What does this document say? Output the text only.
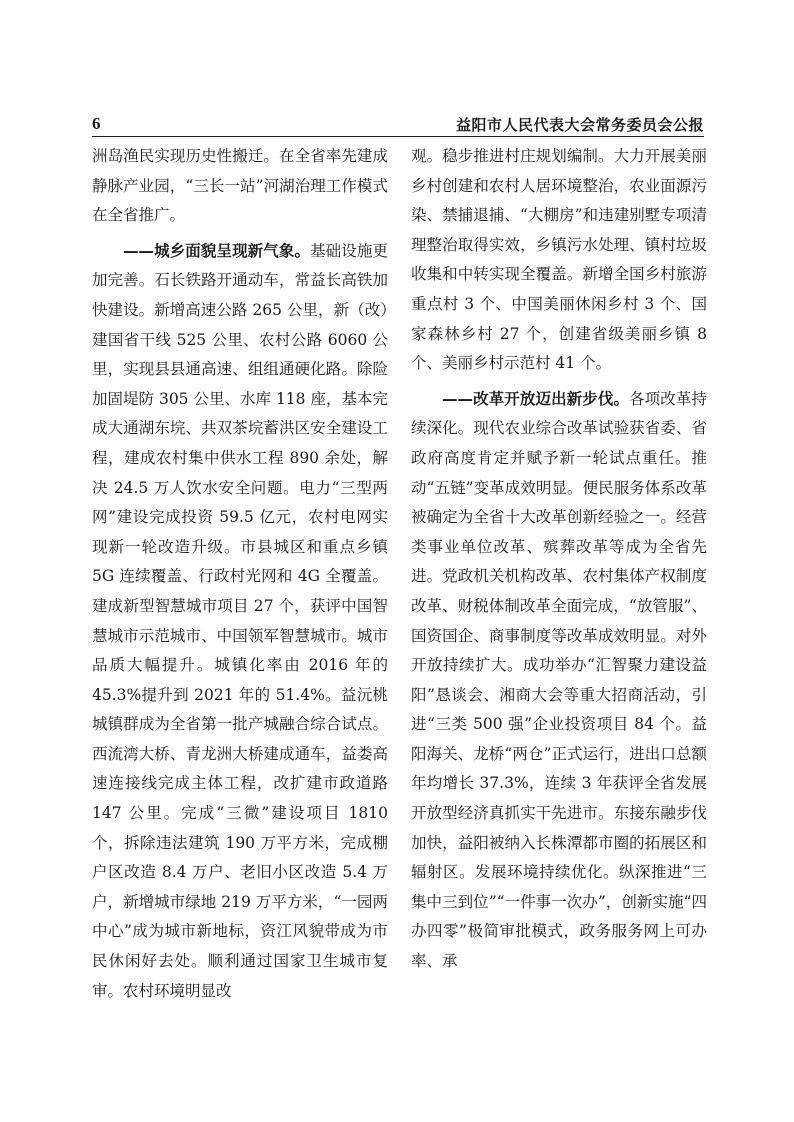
6	益阳市人民代表大会常务委员会公报

洲岛渔民实现历史性搬迁。在全省率先建成静脉产业园，“三长一站”河湖治理工作模式在全省推广。

——城乡面貌呈现新气象。基础设施更加完善。石长铁路开通动车，常益长高铁加快建设。新增高速公路 265 公里，新（改）建国省干线 525 公里、农村公路 6060 公里，实现县县通高速、组组通硬化路。除险加固堤防 305 公里、水库 118 座，基本完成大通湖东垸、共双茶垸蓄洪区安全建设工程，建成农村集中供水工程 890 余处，解决 24.5 万人饮水安全问题。电力“三型两网”建设完成投资 59.5 亿元，农村电网实现新一轮改造升级。市县城区和重点乡镇 5G 连续覆盖、行政村光网和 4G 全覆盖。建成新型智慧城市项目 27 个，获评中国智慧城市示范城市、中国领军智慧城市。城市品质大幅提升。城镇化率由 2016 年的 45.3%提升到 2021 年的 51.4%。益沅桃城镇群成为全省第一批产城融合综合试点。西流湾大桥、青龙洲大桥建成通车，益娄高速连接线完成主体工程，改扩建市政道路 147 公里。完成“三微”建设项目 1810 个，拆除违法建筑 190 万平方米，完成棚户区改造 8.4 万户、老旧小区改造 5.4 万户，新增城市绿地 219 万平方米，“一园两中心”成为城市新地标，资江风貌带成为市民休闲好去处。顺利通过国家卫生城市复审。农村环境明显改

观。稳步推进村庄规划编制。大力开展美丽乡村创建和农村人居环境整治，农业面源污染、禁捕退捕、“大棚房”和违建别墅专项清理整治取得实效，乡镇污水处理、镇村垃圾收集和中转实现全覆盖。新增全国乡村旅游重点村 3 个、中国美丽休闲乡村 3 个、国家森林乡村 27 个，创建省级美丽乡镇 8 个、美丽乡村示范村 41 个。

——改革开放迈出新步伐。各项改革持续深化。现代农业综合改革试验获省委、省政府高度肯定并赋予新一轮试点重任。推动“五链”变革成效明显。便民服务体系改革被确定为全省十大改革创新经验之一。经营类事业单位改革、殡葬改革等成为全省先进。党政机关机构改革、农村集体产权制度改革、财税体制改革全面完成，“放管服”、国资国企、商事制度等改革成效明显。对外开放持续扩大。成功举办“汇智聚力建设益阳”恳谈会、湘商大会等重大招商活动，引进“三类 500 强”企业投资项目 84 个。益阳海关、龙桥“两仓”正式运行，进出口总额年均增长 37.3%，连续 3 年获评全省发展开放型经济真抓实干先进市。东接东融步伐加快，益阳被纳入长株潭都市圈的拓展区和辐射区。发展环境持续优化。纵深推进“三集中三到位”“一件事一次办”，创新实施“四办四零”极简审批模式，政务服务网上可办率、承
